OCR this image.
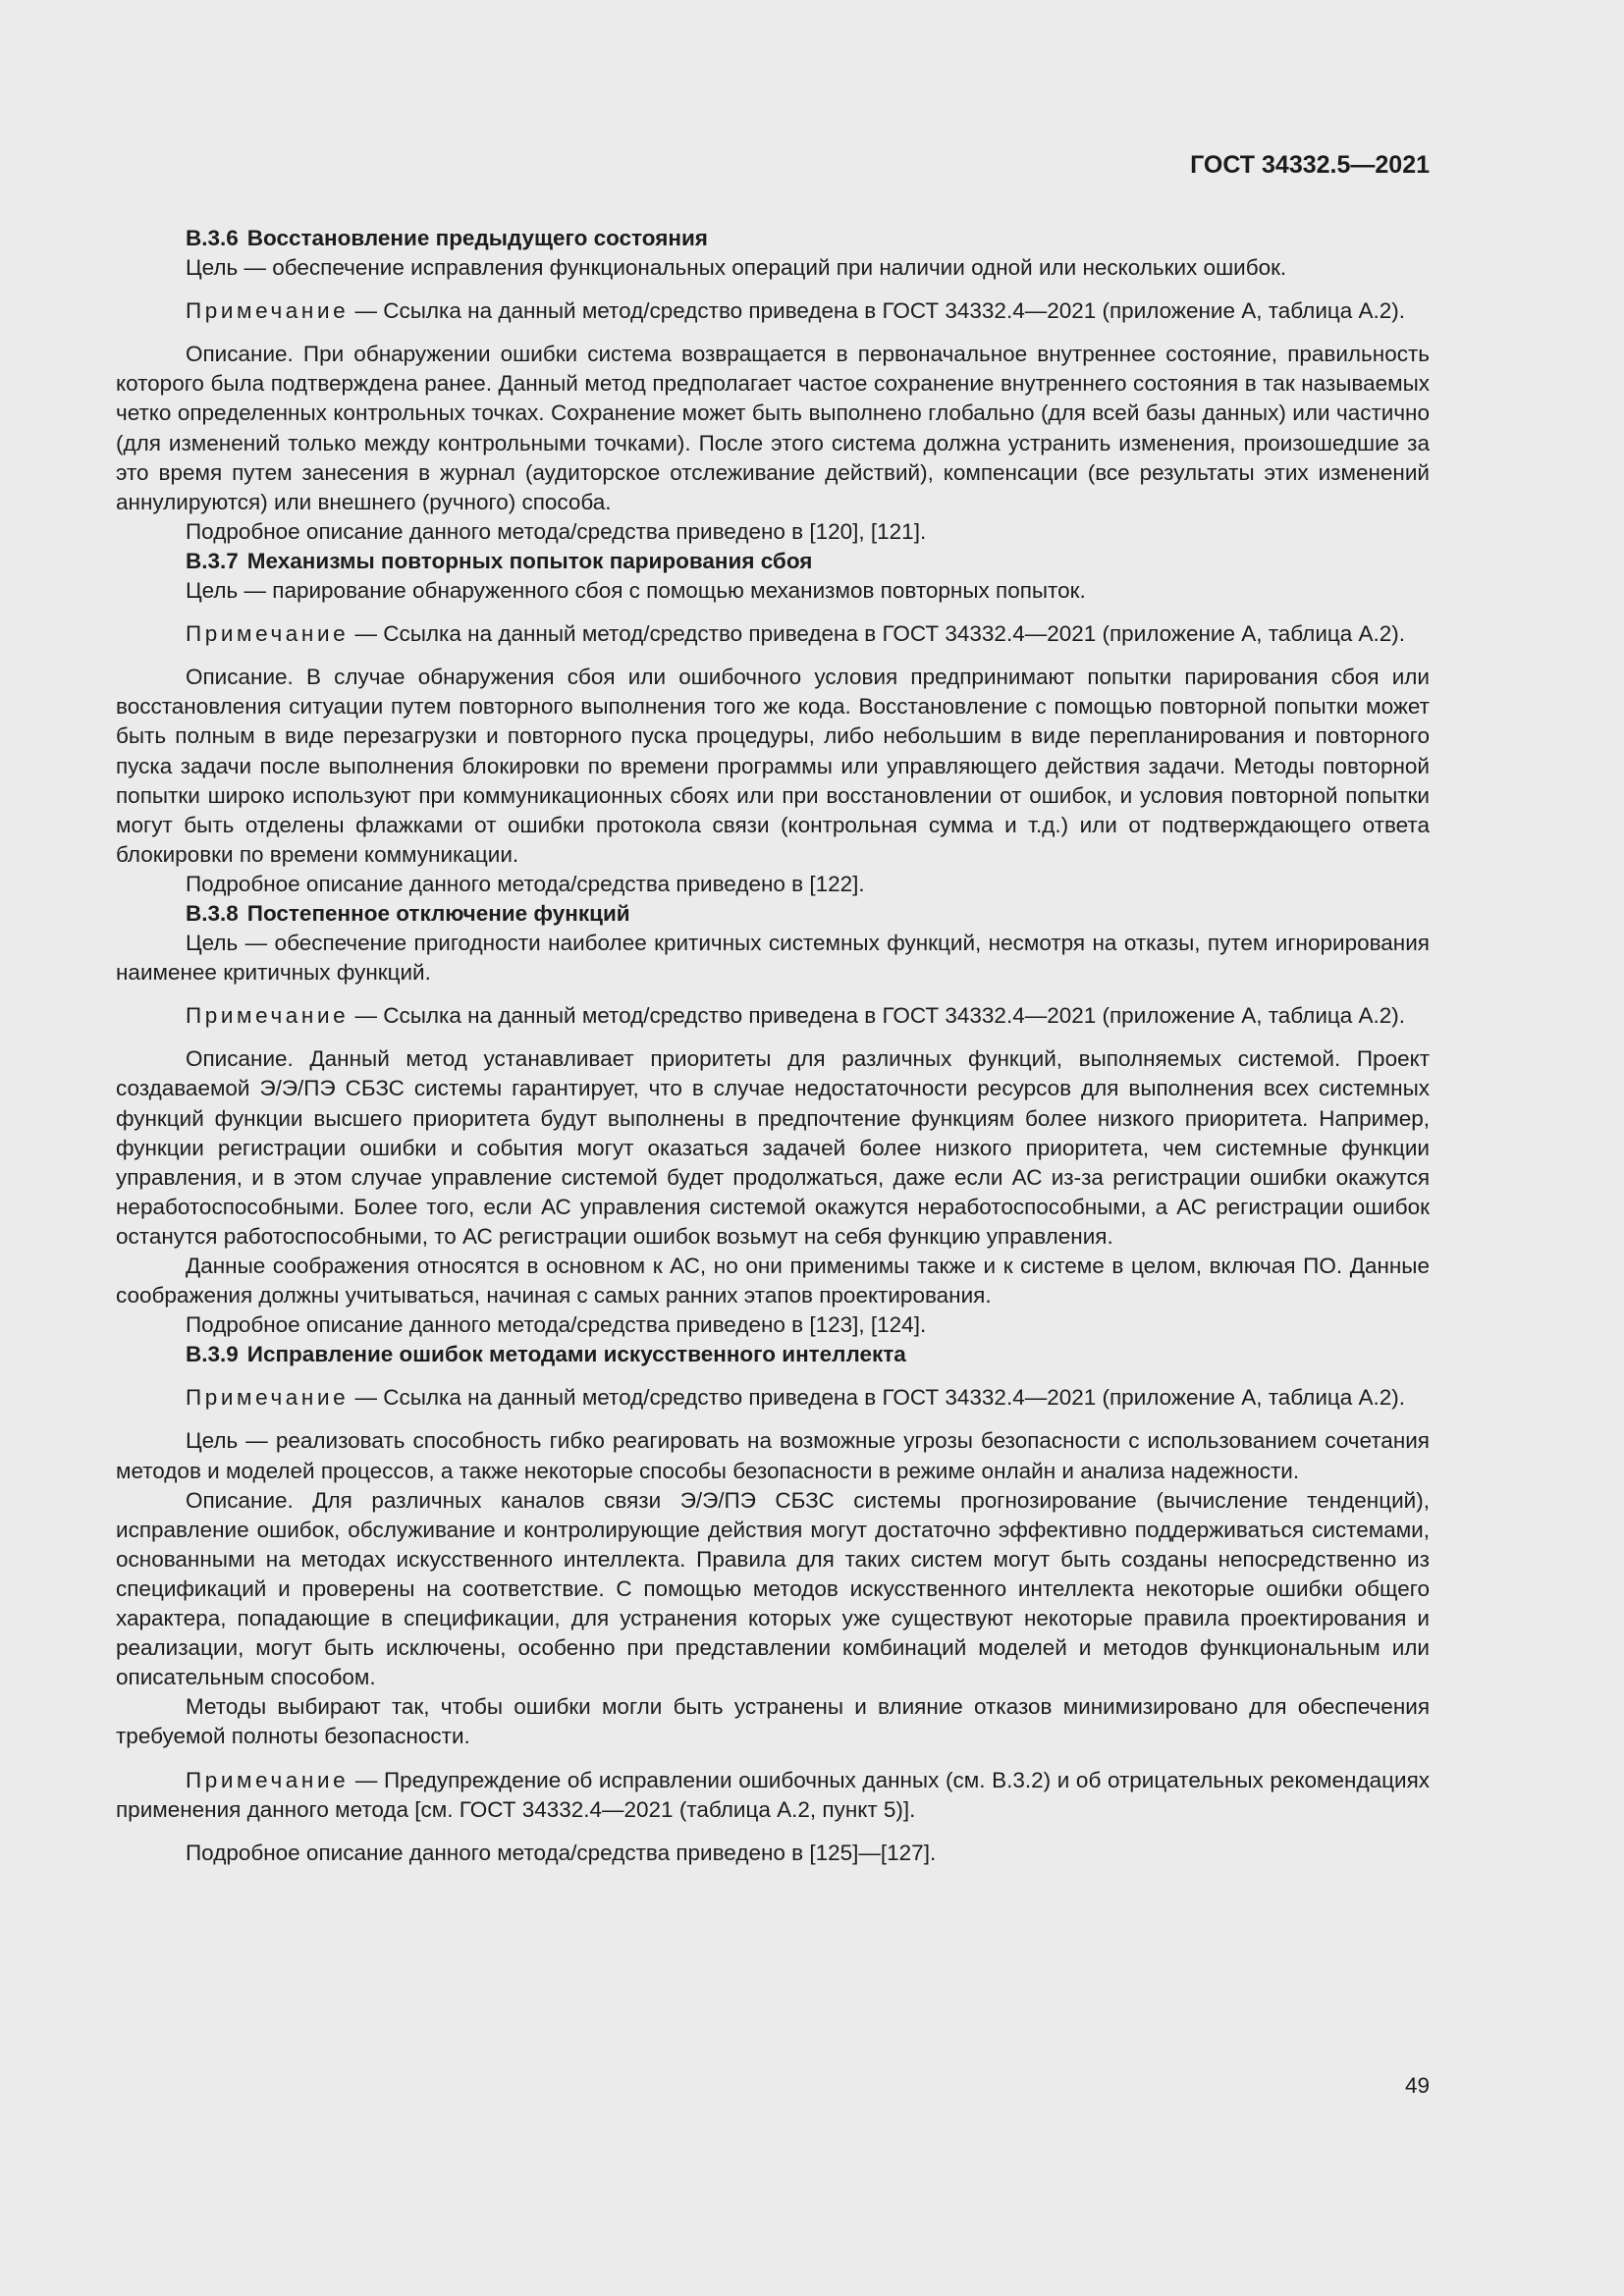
ГОСТ 34332.5—2021

B.3.6 Восстановление предыдущего состояния

Цель — обеспечение исправления функциональных операций при наличии одной или нескольких ошибок.

Примечание — Ссылка на данный метод/средство приведена в ГОСТ 34332.4—2021 (приложение А, таблица А.2).

Описание. При обнаружении ошибки система возвращается в первоначальное внутреннее состояние, правильность которого была подтверждена ранее. Данный метод предполагает частое сохранение внутреннего состояния в так называемых четко определенных контрольных точках. Сохранение может быть выполнено глобально (для всей базы данных) или частично (для изменений только между контрольными точками). После этого система должна устранить изменения, произошедшие за это время путем занесения в журнал (аудиторское отслеживание действий), компенсации (все результаты этих изменений аннулируются) или внешнего (ручного) способа.

Подробное описание данного метода/средства приведено в [120], [121].

B.3.7 Механизмы повторных попыток парирования сбоя

Цель — парирование обнаруженного сбоя с помощью механизмов повторных попыток.

Примечание — Ссылка на данный метод/средство приведена в ГОСТ 34332.4—2021 (приложение А, таблица А.2).

Описание. В случае обнаружения сбоя или ошибочного условия предпринимают попытки парирования сбоя или восстановления ситуации путем повторного выполнения того же кода. Восстановление с помощью повторной попытки может быть полным в виде перезагрузки и повторного пуска процедуры, либо небольшим в виде перепланирования и повторного пуска задачи после выполнения блокировки по времени программы или управляющего действия задачи. Методы повторной попытки широко используют при коммуникационных сбоях или при восстановлении от ошибок, и условия повторной попытки могут быть отделены флажками от ошибки протокола связи (контрольная сумма и т.д.) или от подтверждающего ответа блокировки по времени коммуникации.

Подробное описание данного метода/средства приведено в [122].

B.3.8 Постепенное отключение функций

Цель — обеспечение пригодности наиболее критичных системных функций, несмотря на отказы, путем игнорирования наименее критичных функций.

Примечание — Ссылка на данный метод/средство приведена в ГОСТ 34332.4—2021 (приложение А, таблица А.2).

Описание. Данный метод устанавливает приоритеты для различных функций, выполняемых системой. Проект создаваемой Э/Э/ПЭ СБЗС системы гарантирует, что в случае недостаточности ресурсов для выполнения всех системных функций функции высшего приоритета будут выполнены в предпочтение функциям более низкого приоритета. Например, функции регистрации ошибки и события могут оказаться задачей более низкого приоритета, чем системные функции управления, и в этом случае управление системой будет продолжаться, даже если АС из-за регистрации ошибки окажутся неработоспособными. Более того, если АС управления системой окажутся неработоспособными, а АС регистрации ошибок останутся работоспособными, то АС регистрации ошибок возьмут на себя функцию управления.

Данные соображения относятся в основном к АС, но они применимы также и к системе в целом, включая ПО. Данные соображения должны учитываться, начиная с самых ранних этапов проектирования.

Подробное описание данного метода/средства приведено в [123], [124].

B.3.9 Исправление ошибок методами искусственного интеллекта

Примечание — Ссылка на данный метод/средство приведена в ГОСТ 34332.4—2021 (приложение А, таблица А.2).

Цель — реализовать способность гибко реагировать на возможные угрозы безопасности с использованием сочетания методов и моделей процессов, а также некоторые способы безопасности в режиме онлайн и анализа надежности.

Описание. Для различных каналов связи Э/Э/ПЭ СБЗС системы прогнозирование (вычисление тенденций), исправление ошибок, обслуживание и контролирующие действия могут достаточно эффективно поддерживаться системами, основанными на методах искусственного интеллекта. Правила для таких систем могут быть созданы непосредственно из спецификаций и проверены на соответствие. С помощью методов искусственного интеллекта некоторые ошибки общего характера, попадающие в спецификации, для устранения которых уже существуют некоторые правила проектирования и реализации, могут быть исключены, особенно при представлении комбинаций моделей и методов функциональным или описательным способом.

Методы выбирают так, чтобы ошибки могли быть устранены и влияние отказов минимизировано для обеспечения требуемой полноты безопасности.

Примечание — Предупреждение об исправлении ошибочных данных (см. В.3.2) и об отрицательных рекомендациях применения данного метода [см. ГОСТ 34332.4—2021 (таблица А.2, пункт 5)].

Подробное описание данного метода/средства приведено в [125]—[127].

49
